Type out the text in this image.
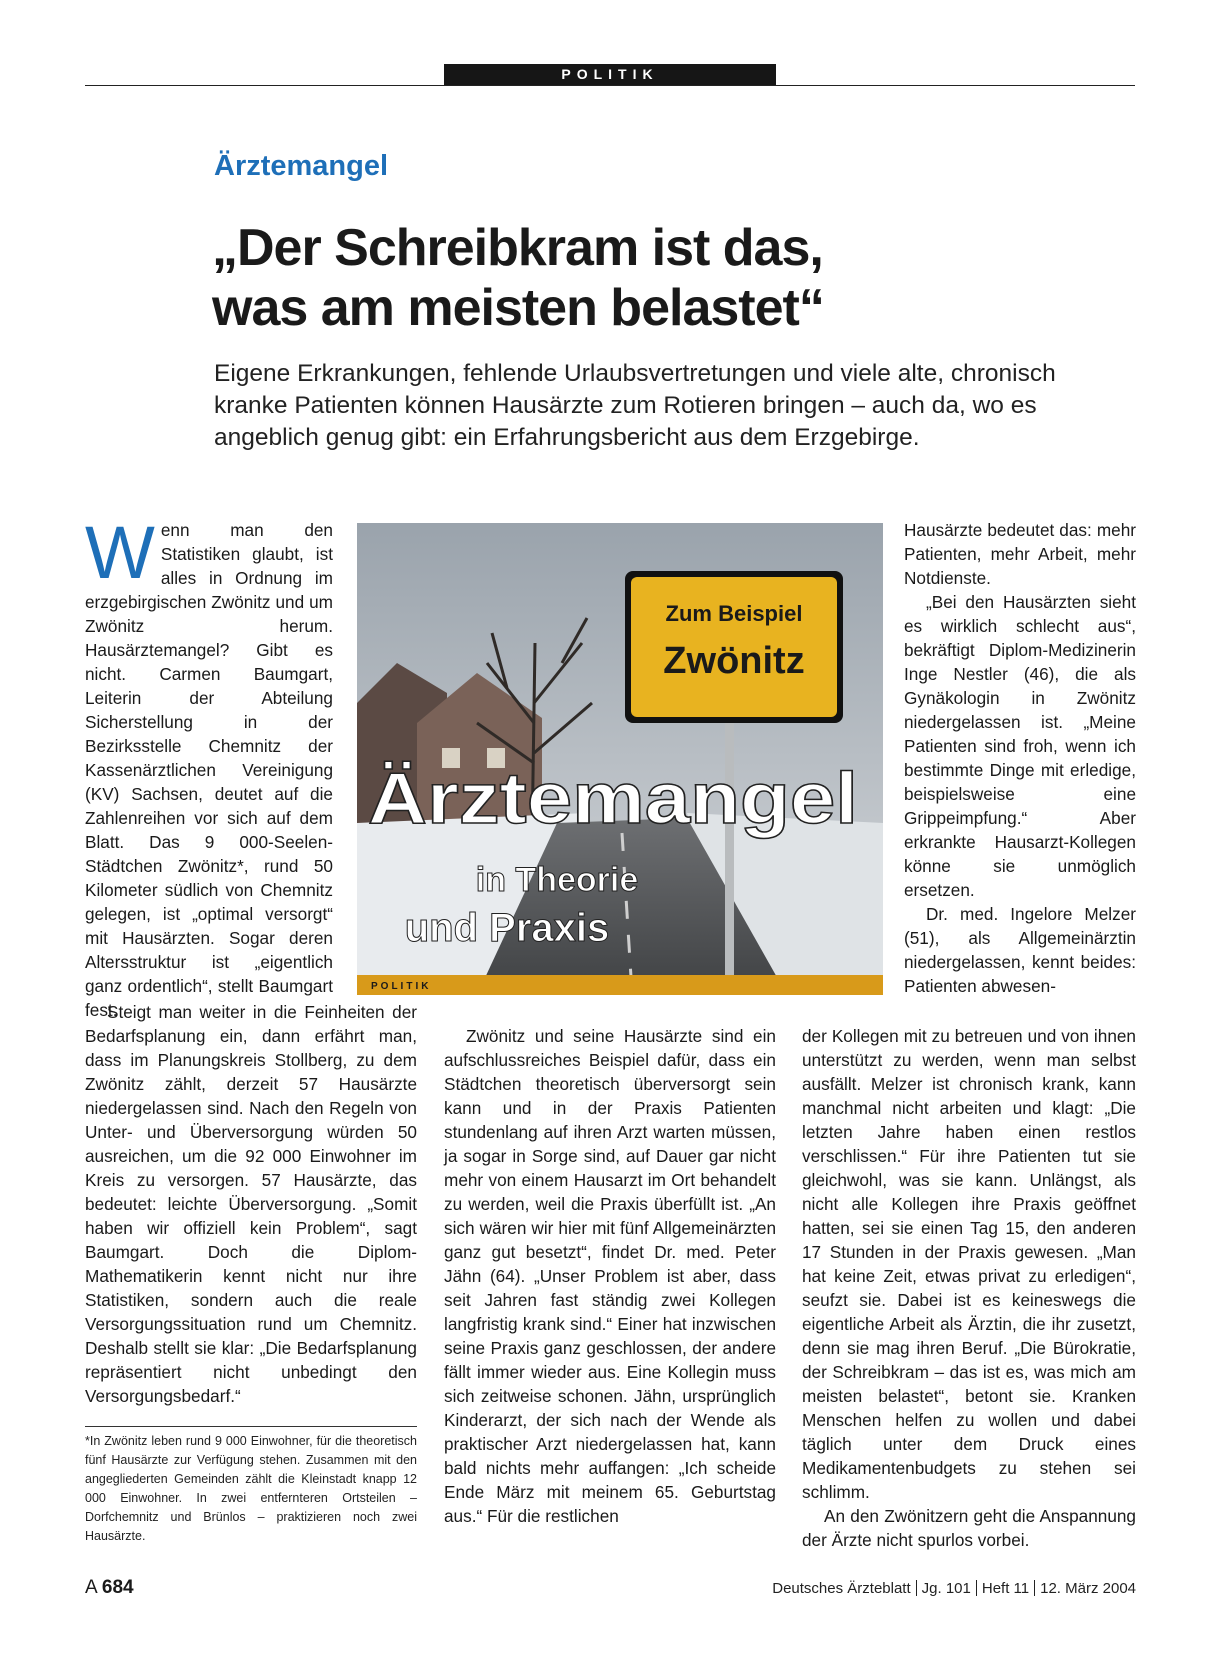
POLITIK
Ärztemangel
„Der Schreibkram ist das,
was am meisten belastet“
Eigene Erkrankungen, fehlende Urlaubsvertretungen und viele alte, chronisch kranke Patienten können Hausärzte zum Rotieren bringen – auch da, wo es angeblich genug gibt: ein Erfahrungsbericht aus dem Erzgebirge.

Wenn man den Statistiken glaubt, ist alles in Ordnung im erzgebirgischen Zwönitz und um Zwönitz herum. Hausärztemangel? Gibt es nicht. Carmen Baumgart, Leiterin der Abteilung Sicherstellung in der Bezirksstelle Chemnitz der Kassenärztlichen Vereinigung (KV) Sachsen, deutet auf die Zahlenreihen vor sich auf dem Blatt. Das 9 000-Seelen-Städtchen Zwönitz*, rund 50 Kilometer südlich von Chemnitz gelegen, ist „optimal versorgt“ mit Hausärzten. Sogar deren Altersstruktur ist „eigentlich ganz ordentlich“, stellt Baumgart fest.

Zum Beispiel
Zwönitz
Ärztemangel
in Theorie
und Praxis
POLITIK

Steigt man weiter in die Feinheiten der Bedarfsplanung ein, dann erfährt man, dass im Planungskreis Stollberg, zu dem Zwönitz zählt, derzeit 57 Hausärzte niedergelassen sind. Nach den Regeln von Unter- und Überversorgung würden 50 ausreichen, um die 92 000 Einwohner im Kreis zu versorgen. 57 Hausärzte, das bedeutet: leichte Überversorgung. „Somit haben wir offiziell kein Problem“, sagt Baumgart. Doch die Diplom-Mathematikerin kennt nicht nur ihre Statistiken, sondern auch die reale Versorgungssituation rund um Chemnitz. Deshalb stellt sie klar: „Die Bedarfsplanung repräsentiert nicht unbedingt den Versorgungsbedarf.“

*In Zwönitz leben rund 9 000 Einwohner, für die theoretisch fünf Hausärzte zur Verfügung stehen. Zusammen mit den angegliederten Gemeinden zählt die Kleinstadt knapp 12 000 Einwohner. In zwei entfernteren Ortsteilen – Dorfchemnitz und Brünlos – praktizieren noch zwei Hausärzte.

Zwönitz und seine Hausärzte sind ein aufschlussreiches Beispiel dafür, dass ein Städtchen theoretisch überversorgt sein kann und in der Praxis Patienten stundenlang auf ihren Arzt warten müssen, ja sogar in Sorge sind, auf Dauer gar nicht mehr von einem Hausarzt im Ort behandelt zu werden, weil die Praxis überfüllt ist. „An sich wären wir hier mit fünf Allgemeinärzten ganz gut besetzt“, findet Dr. med. Peter Jähn (64). „Unser Problem ist aber, dass seit Jahren fast ständig zwei Kollegen langfristig krank sind.“ Einer hat inzwischen seine Praxis ganz geschlossen, der andere fällt immer wieder aus. Eine Kollegin muss sich zeitweise schonen. Jähn, ursprünglich Kinderarzt, der sich nach der Wende als praktischer Arzt niedergelassen hat, kann bald nichts mehr auffangen: „Ich scheide Ende März mit meinem 65. Geburtstag aus.“ Für die restlichen

Hausärzte bedeutet das: mehr Patienten, mehr Arbeit, mehr Notdienste.

„Bei den Hausärzten sieht es wirklich schlecht aus“, bekräftigt Diplom-Medizinerin Inge Nestler (46), die als Gynäkologin in Zwönitz niedergelassen ist. „Meine Patienten sind froh, wenn ich bestimmte Dinge mit erledige, beispielsweise eine Grippeimpfung.“ Aber erkrankte Hausarzt-Kollegen könne sie unmöglich ersetzen.

Dr. med. Ingelore Melzer (51), als Allgemeinärztin niedergelassen, kennt beides: Patienten abwesen-

der Kollegen mit zu betreuen und von ihnen unterstützt zu werden, wenn man selbst ausfällt. Melzer ist chronisch krank, kann manchmal nicht arbeiten und klagt: „Die letzten Jahre haben einen restlos verschlissen.“ Für ihre Patienten tut sie gleichwohl, was sie kann. Unlängst, als nicht alle Kollegen ihre Praxis geöffnet hatten, sei sie einen Tag 15, den anderen 17 Stunden in der Praxis gewesen. „Man hat keine Zeit, etwas privat zu erledigen“, seufzt sie. Dabei ist es keineswegs die eigentliche Arbeit als Ärztin, die ihr zusetzt, denn sie mag ihren Beruf. „Die Bürokratie, der Schreibkram – das ist es, was mich am meisten belastet“, betont sie. Kranken Menschen helfen zu wollen und dabei täglich unter dem Druck eines Medikamentenbudgets zu stehen sei schlimm.

An den Zwönitzern geht die Anspannung der Ärzte nicht spurlos vorbei.

A 684	Deutsches Ärzteblatt Jg. 101 Heft 11 12. März 2004
